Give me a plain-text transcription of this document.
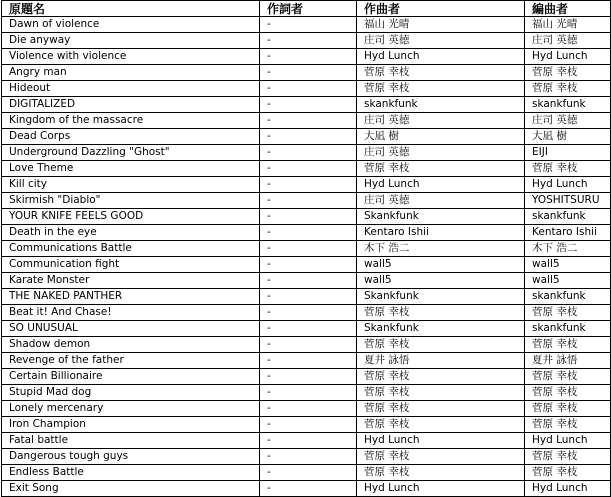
原題名	作詞者	作曲者	編曲者
Dawn of violence	-	福山 光晴	福山 光晴
Die anyway	-	庄司 英徳	庄司 英徳
Violence with violence	-	Hyd Lunch	Hyd Lunch
Angry man	-	菅原 幸枝	菅原 幸枝
Hideout	-	菅原 幸枝	菅原 幸枝
DIGITALIZED	-	skankfunk	skankfunk
Kingdom of the massacre	-	庄司 英徳	庄司 英徳
Dead Corps	-	大凪 樹	大凪 樹
Underground Dazzling "Ghost"	-	庄司 英徳	EIJI
Love Theme	-	菅原 幸枝	菅原 幸枝
Kill city	-	Hyd Lunch	Hyd Lunch
Skirmish "Diablo"	-	庄司 英徳	YOSHITSURU
YOUR KNIFE FEELS GOOD	-	Skankfunk	skankfunk
Death in the eye	-	Kentaro Ishii	Kentaro Ishii
Communications Battle	-	木下 浩二	木下 浩二
Communication fight	-	wall5	wall5
Karate Monster	-	wall5	wall5
THE NAKED PANTHER	-	Skankfunk	skankfunk
Beat it! And Chase!	-	菅原 幸枝	菅原 幸枝
SO UNUSUAL	-	Skankfunk	skankfunk
Shadow demon	-	菅原 幸枝	菅原 幸枝
Revenge of the father	-	夏井 詠悟	夏井 詠悟
Certain Billionaire	-	菅原 幸枝	菅原 幸枝
Stupid Mad dog	-	菅原 幸枝	菅原 幸枝
Lonely mercenary	-	菅原 幸枝	菅原 幸枝
Iron Champion	-	菅原 幸枝	菅原 幸枝
Fatal battle	-	Hyd Lunch	Hyd Lunch
Dangerous tough guys	-	菅原 幸枝	菅原 幸枝
Endless Battle	-	菅原 幸枝	菅原 幸枝
Exit Song	-	Hyd Lunch	Hyd Lunch
